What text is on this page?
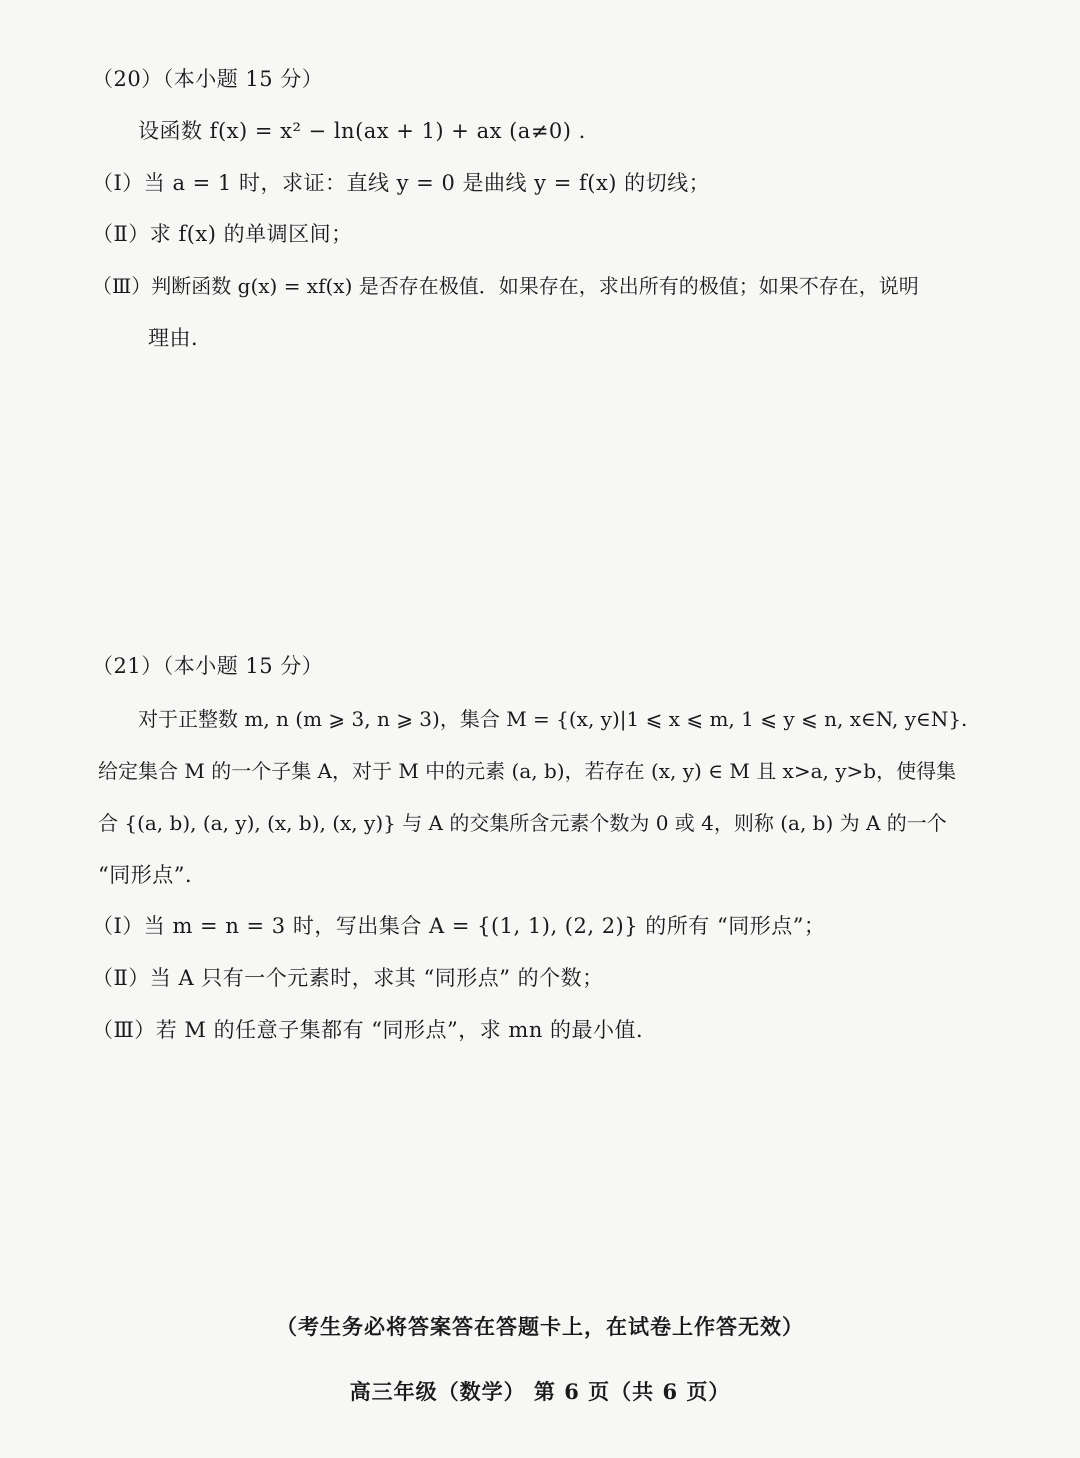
（20）（本小题 15 分）
设函数 f(x) = x² − ln(ax + 1) + ax (a≠0) .
（Ⅰ）当 a = 1 时，求证：直线 y = 0 是曲线 y = f(x) 的切线；
（Ⅱ）求 f(x) 的单调区间；
（Ⅲ）判断函数 g(x) = xf(x) 是否存在极值．如果存在，求出所有的极值；如果不存在，说明
理由．
（21）（本小题 15 分）
对于正整数 m, n (m ⩾ 3, n ⩾ 3)，集合 M = {(x, y)|1 ⩽ x ⩽ m, 1 ⩽ y ⩽ n, x∈N, y∈N}.
给定集合 M 的一个子集 A，对于 M 中的元素 (a, b)，若存在 (x, y) ∈ M 且 x>a, y>b，使得集
合 {(a, b), (a, y), (x, b), (x, y)} 与 A 的交集所含元素个数为 0 或 4，则称 (a, b) 为 A 的一个
“同形点”．
（Ⅰ）当 m = n = 3 时，写出集合 A = {(1, 1), (2, 2)} 的所有 “同形点”；
（Ⅱ）当 A 只有一个元素时，求其 “同形点” 的个数；
（Ⅲ）若 M 的任意子集都有 “同形点”，求 mn 的最小值．
（考生务必将答案答在答题卡上，在试卷上作答无效）
高三年级（数学） 第 6 页（共 6 页）
